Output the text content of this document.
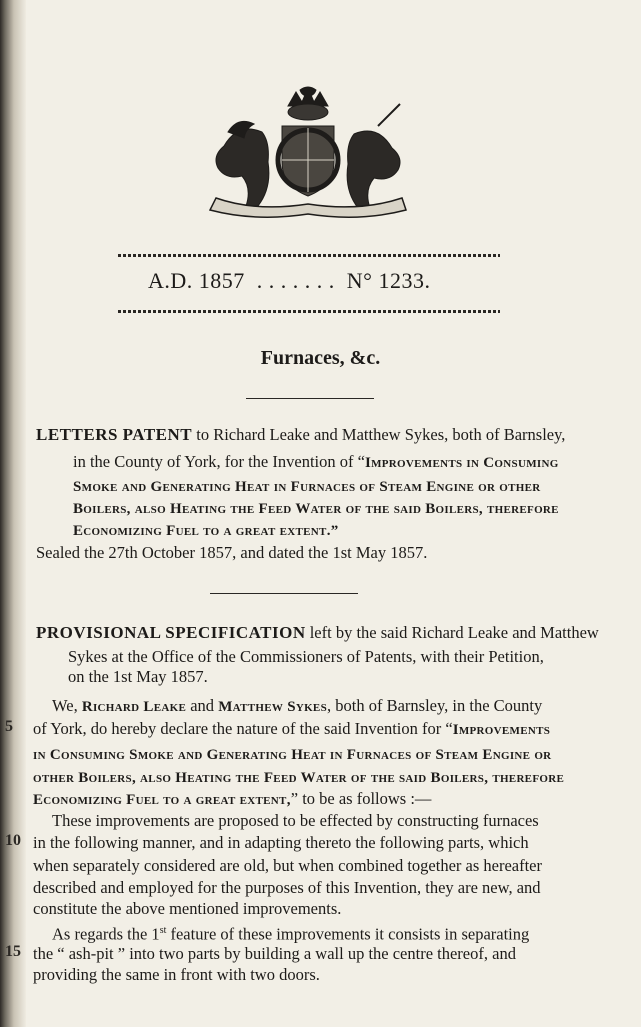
A.D. 1857 . . . . . . . N° 1233.
Furnaces, &c.
LETTERS PATENT to Richard Leake and Matthew Sykes, both of Barnsley,
in the County of York, for the Invention of “Improvements in Consuming
Smoke and Generating Heat in Furnaces of Steam Engine or other
Boilers, also Heating the Feed Water of the said Boilers, therefore
Economizing Fuel to a great extent.”
Sealed the 27th October 1857, and dated the 1st May 1857.
PROVISIONAL SPECIFICATION left by the said Richard Leake and Matthew
Sykes at the Office of the Commissioners of Patents, with their Petition,
on the 1st May 1857.
We, Richard Leake and Matthew Sykes, both of Barnsley, in the County
of York, do hereby declare the nature of the said Invention for “Improvements
in Consuming Smoke and Generating Heat in Furnaces of Steam Engine or
other Boilers, also Heating the Feed Water of the said Boilers, therefore
Economizing Fuel to a great extent,” to be as follows :—
These improvements are proposed to be effected by constructing furnaces
in the following manner, and in adapting thereto the following parts, which
when separately considered are old, but when combined together as hereafter
described and employed for the purposes of this Invention, they are new, and
constitute the above mentioned improvements.
As regards the 1st feature of these improvements it consists in separating
the “ ash-pit ” into two parts by building a wall up the centre thereof, and
providing the same in front with two doors.
5
10
15
